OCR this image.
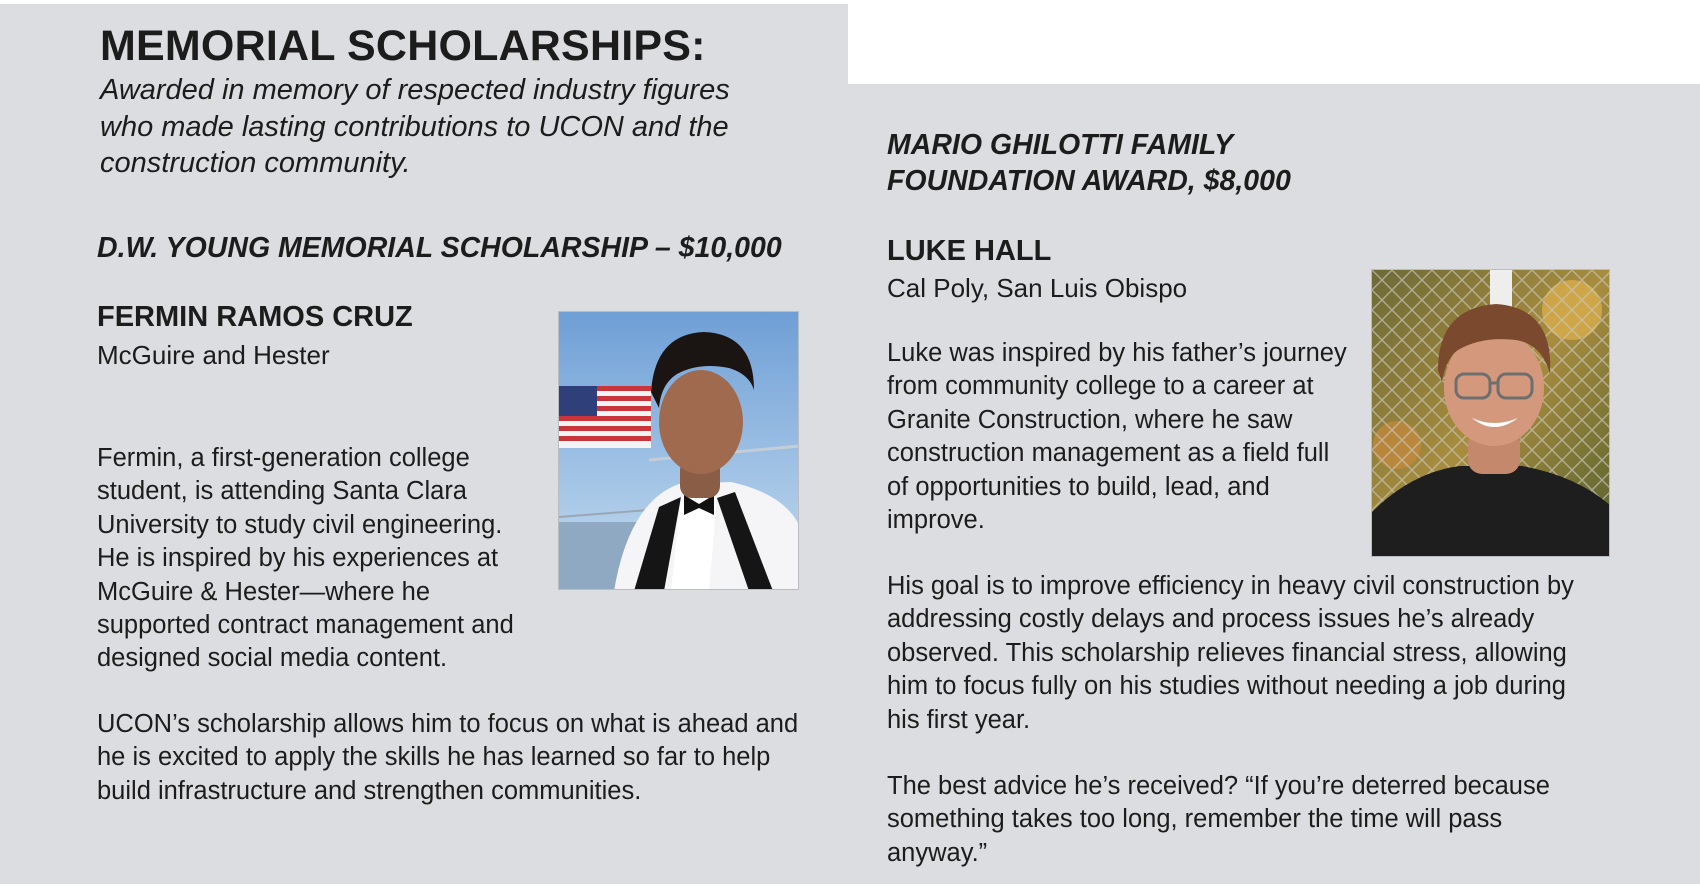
MEMORIAL SCHOLARSHIPS:

Awarded in memory of respected industry figures who made lasting contributions to UCON and the construction community.

D.W. YOUNG MEMORIAL SCHOLARSHIP – $10,000
FERMIN RAMOS CRUZ

McGuire and Hester

Fermin, a first-generation college student, is attending Santa Clara University to study civil engineering. He is inspired by his experiences at McGuire & Hester—where he supported contract management and designed social media content.

UCON’s scholarship allows him to focus on what is ahead and he is excited to apply the skills he has learned so far to help build infrastructure and strengthen communities.

MARIO GHILOTTI FAMILY
FOUNDATION AWARD, $8,000
LUKE HALL

Cal Poly, San Luis Obispo

Luke was inspired by his father’s journey from community college to a career at Granite Construction, where he saw construction management as a field full of opportunities to build, lead, and improve.

His goal is to improve efficiency in heavy civil construction by addressing costly delays and process issues he’s already observed. This scholarship relieves financial stress, allowing him to focus fully on his studies without needing a job during his first year.

The best advice he’s received? “If you’re deterred because something takes too long, remember the time will pass anyway.”
